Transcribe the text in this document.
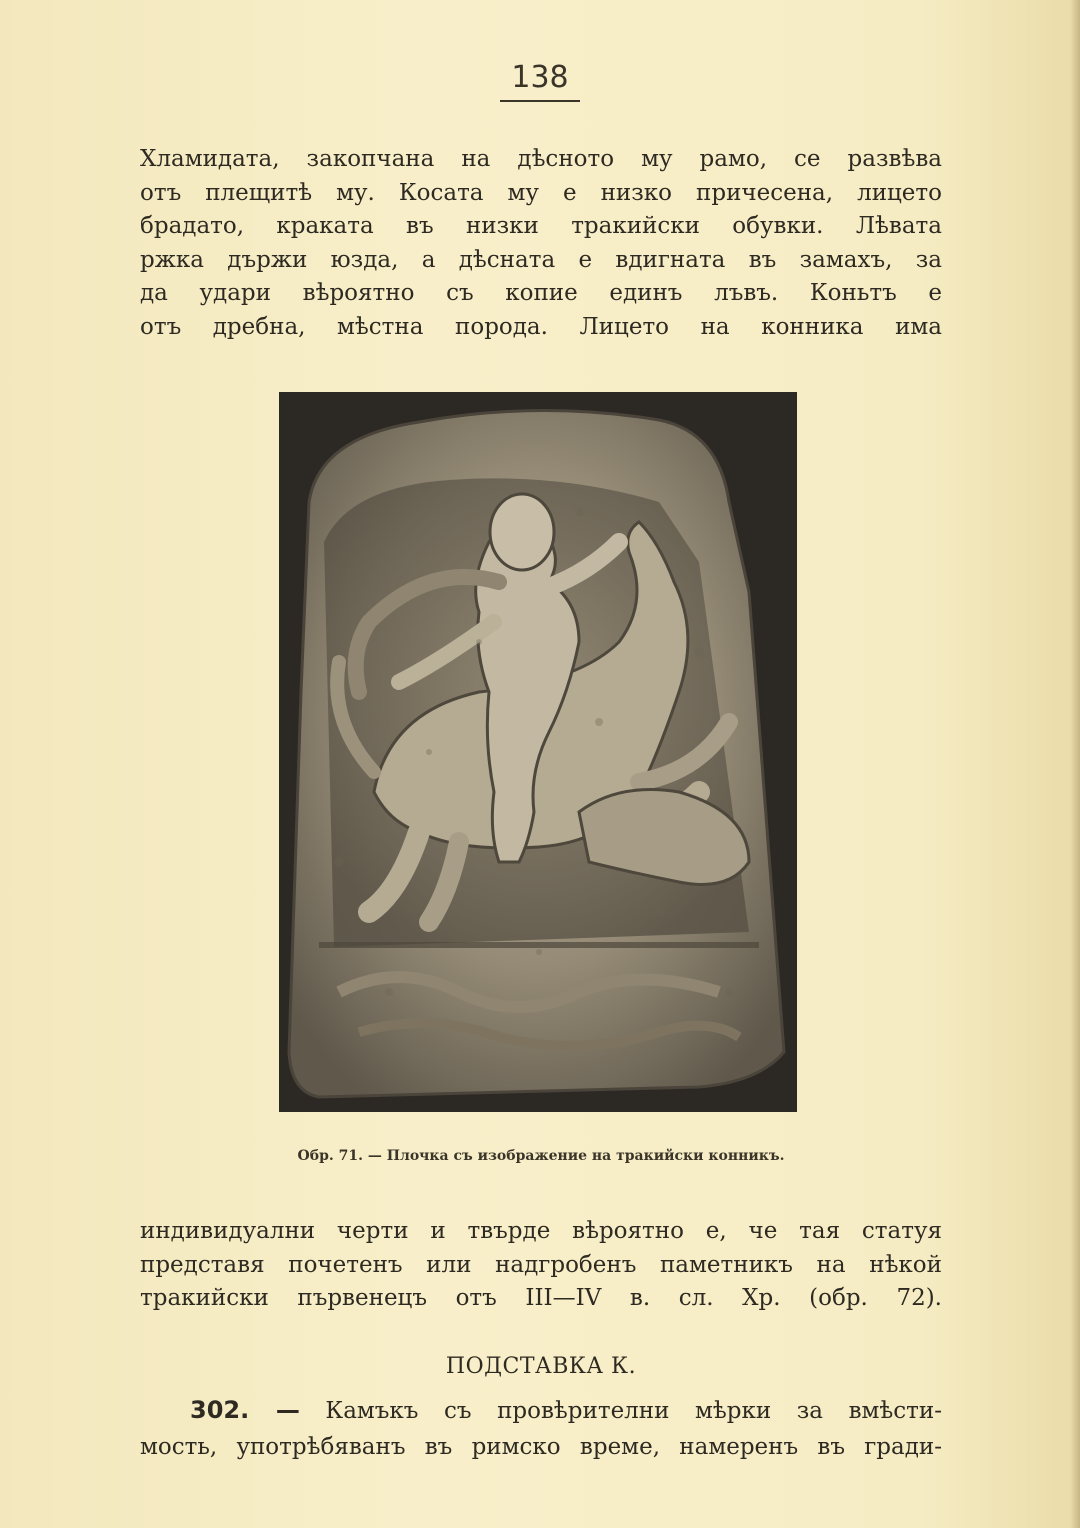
138
Хламидата, закопчана на дѣсното му рамо, се развѣва
отъ плещитѣ му. Косата му е низко причесена, лицето
брадато, краката въ низки тракийски обувки. Лѣвата
ржка държи юзда, а дѣсната е вдигната въ замахъ, за
да удари вѣроятно съ копие единъ лъвъ. Коньтъ е
отъ дребна, мѣстна порода. Лицето на конника има
Обр. 71. — Плочка съ изображение на тракийски конникъ.
индивидуални черти и твърде вѣроятно е, че тая статуя
представя почетенъ или надгробенъ паметникъ на нѣкой
тракийски първенецъ отъ III—IV в. сл. Хр. (обр. 72).
ПОДСТАВКА К.
302. — Камъкъ съ провѣрителни мѣрки за вмѣсти-
мость, употрѣбяванъ въ римско време, намеренъ въ гради-
